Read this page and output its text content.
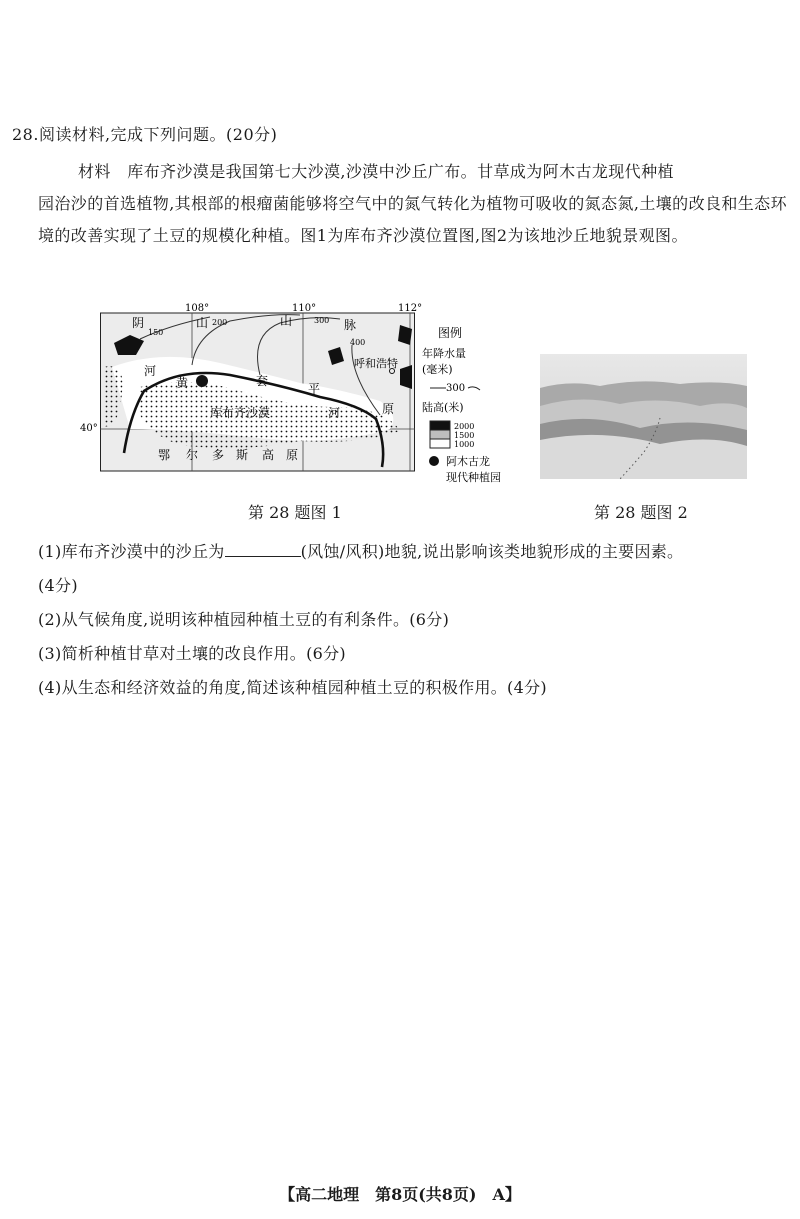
28.阅读材料,完成下列问题。(20分)
材料　库布齐沙漠是我国第七大沙漠,沙漠中沙丘广布。甘草成为阿木古龙现代种植
园治沙的首选植物,其根部的根瘤菌能够将空气中的氮气转化为植物可吸收的氮态氮,土壤的改良和生态环境的改善实现了土豆的规模化种植。图1为库布齐沙漠位置图,图2为该地沙丘地貌景观图。
108°	110°	112°
40°
150
200	300
400
阴	山	山	脉
河
黄	套
平
原
河
呼和浩特
库布齐沙漠
鄂 尔 多 斯 高 原
图例
年降水量
(毫米)
300
陆高(米)
2000
1500
1000
阿木古龙
现代种植园
第 28 题图 1	第 28 题图 2
(1)库布齐沙漠中的沙丘为	(风蚀/风积)地貌,说出影响该类地貌形成的主要因素。
(4分)
(2)从气候角度,说明该种植园种植土豆的有利条件。(6分)
(3)简析种植甘草对土壤的改良作用。(6分)
(4)从生态和经济效益的角度,简述该种植园种植土豆的积极作用。(4分)
【高二地理　第8页(共8页)　A】
